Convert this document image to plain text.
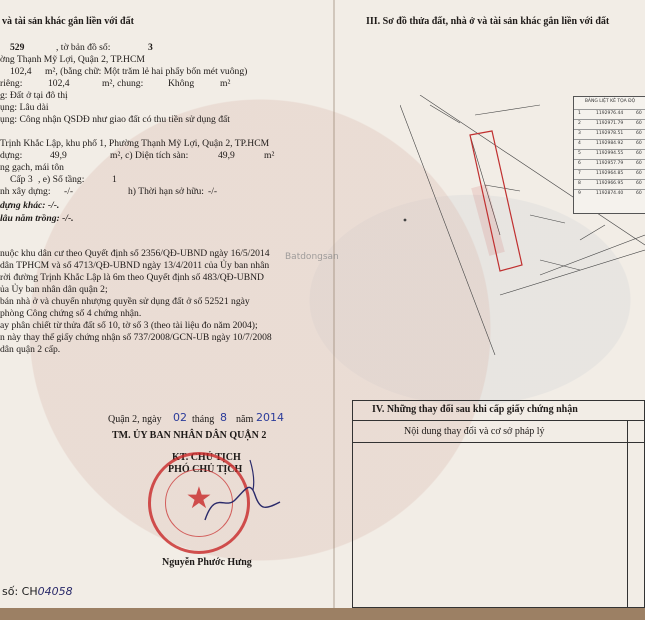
và tài sản khác gắn liền với đất
529	, tờ bản đồ số:	3
ờng Thạnh Mỹ Lợi, Quận 2, TP.HCM
102,4 m², (bằng chữ: Một trăm lẻ hai phẩy bốn mét vuông)
riêng:	102,4	m², chung:	Không	m²
g: Đất ở tại đô thị
ụng: Lâu dài
ụng: Công nhận QSDĐ như giao đất có thu tiền sử dụng đất
Trịnh Khắc Lập, khu phố 1, Phường Thạnh Mỹ Lợi, Quận 2, TP.HCM
dựng:	49,9	m², c) Diện tích sàn:	49,9	m²
ng gạch, mái tôn
Cấp 3 , e) Số tầng:	1
nh xây dựng: -/-	h) Thời hạn sở hữu: -/-
dựng khác: -/-.
lâu năm trồng: -/-.
nuộc khu dân cư theo Quyết định số 2356/QĐ-UBND ngày 16/5/2014
dân TPHCM và số 4713/QĐ-UBND ngày 13/4/2011 của Ủy ban nhân
rời đường Trịnh Khắc Lập là 6m theo Quyết định số 483/QĐ-UBND
ủa Ủy ban nhân dân quận 2;
bán nhà ở và chuyển nhượng quyền sử dụng đất ở số 52521 ngày
phòng Công chứng số 4 chứng nhận.
ay phân chiết từ thửa đất số 10, tờ số 3 (theo tài liệu đo năm 2004);
n này thay thế giấy chứng nhận số 737/2008/GCN-UB ngày 10/7/2008
dân quận 2 cấp.
Quận 2, ngày 02 tháng 8 năm 2014
TM. ỦY BAN NHÂN DÂN QUẬN 2
KT. CHỦ TỊCH
PHÓ CHỦ TỊCH
★
Nguyễn Phước Hưng
số: CH04058
III. Sơ đồ thửa đất, nhà ở và tài sản khác gắn liền với đất
BẢNG LIỆT KÊ TỌA ĐỘ
1	1192976.44	60
2	1192971.79	60
3	1192978.51	60
4	1192984.92	60
5	1192994.55	60
6	1192957.79	60
7	1192964.85	60
8	1192966.95	60
9	1192874.40	60
Batdongsan
IV. Những thay đổi sau khi cấp giấy chứng nhận
Nội dung thay đổi và cơ sở pháp lý
